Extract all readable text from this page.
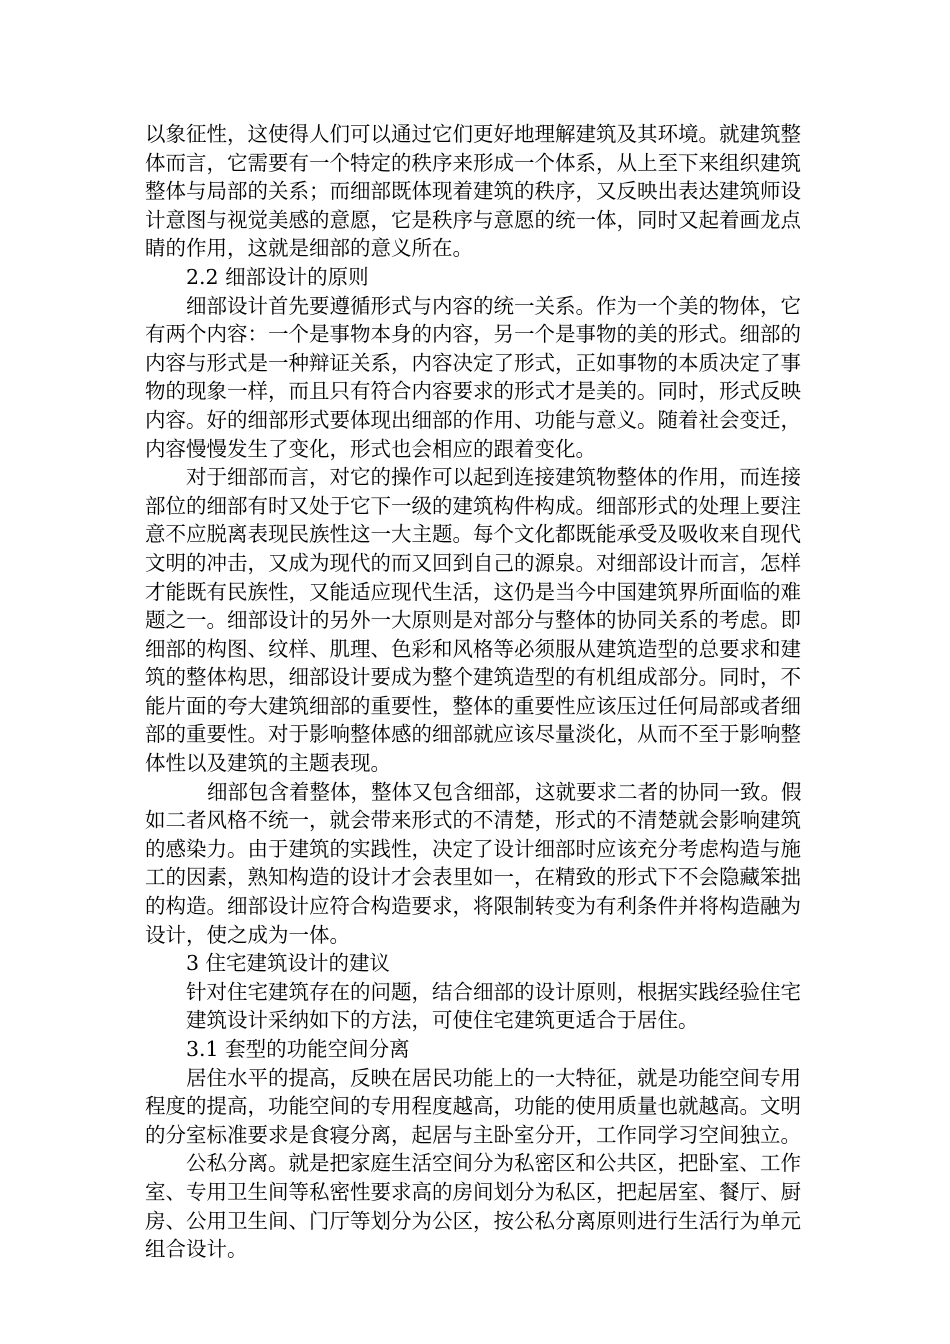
以象征性，这使得人们可以通过它们更好地理解建筑及其环境。就建筑整体而言，它需要有一个特定的秩序来形成一个体系，从上至下来组织建筑整体与局部的关系；而细部既体现着建筑的秩序，又反映出表达建筑师设计意图与视觉美感的意愿，它是秩序与意愿的统一体，同时又起着画龙点睛的作用，这就是细部的意义所在。

2.2 细部设计的原则

细部设计首先要遵循形式与内容的统一关系。作为一个美的物体，它有两个内容：一个是事物本身的内容，另一个是事物的美的形式。细部的内容与形式是一种辩证关系，内容决定了形式，正如事物的本质决定了事物的现象一样，而且只有符合内容要求的形式才是美的。同时，形式反映内容。好的细部形式要体现出细部的作用、功能与意义。随着社会变迁，内容慢慢发生了变化，形式也会相应的跟着变化。

对于细部而言，对它的操作可以起到连接建筑物整体的作用，而连接部位的细部有时又处于它下一级的建筑构件构成。细部形式的处理上要注意不应脱离表现民族性这一大主题。每个文化都既能承受及吸收来自现代文明的冲击，又成为现代的而又回到自己的源泉。对细部设计而言，怎样才能既有民族性，又能适应现代生活，这仍是当今中国建筑界所面临的难题之一。细部设计的另外一大原则是对部分与整体的协同关系的考虑。即细部的构图、纹样、肌理、色彩和风格等必须服从建筑造型的总要求和建筑的整体构思，细部设计要成为整个建筑造型的有机组成部分。同时，不能片面的夸大建筑细部的重要性，整体的重要性应该压过任何局部或者细部的重要性。对于影响整体感的细部就应该尽量淡化，从而不至于影响整体性以及建筑的主题表现。

细部包含着整体，整体又包含细部，这就要求二者的协同一致。假如二者风格不统一，就会带来形式的不清楚，形式的不清楚就会影响建筑的感染力。由于建筑的实践性，决定了设计细部时应该充分考虑构造与施工的因素，熟知构造的设计才会表里如一，在精致的形式下不会隐藏笨拙的构造。细部设计应符合构造要求，将限制转变为有利条件并将构造融为设计，使之成为一体。

3 住宅建筑设计的建议

针对住宅建筑存在的问题，结合细部的设计原则，根据实践经验住宅建筑设计采纳如下的方法，可使住宅建筑更适合于居住。

3.1 套型的功能空间分离

居住水平的提高，反映在居民功能上的一大特征，就是功能空间专用程度的提高，功能空间的专用程度越高，功能的使用质量也就越高。文明的分室标准要求是食寝分离，起居与主卧室分开，工作同学习空间独立。

公私分离。就是把家庭生活空间分为私密区和公共区，把卧室、工作室、专用卫生间等私密性要求高的房间划分为私区，把起居室、餐厅、厨房、公用卫生间、门厅等划分为公区，按公私分离原则进行生活行为单元组合设计。
